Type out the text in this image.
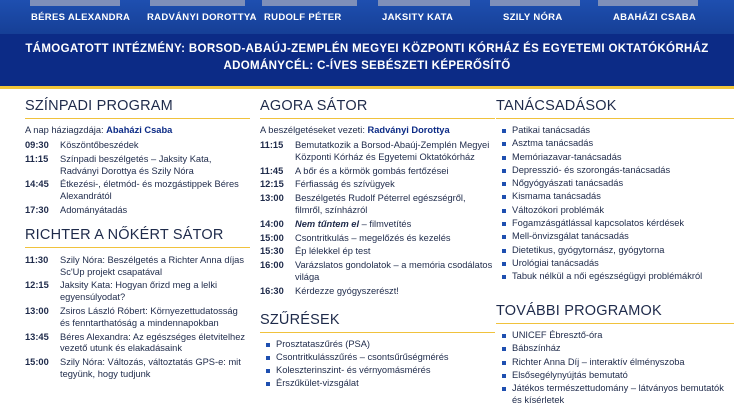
BÉRES ALEXANDRA RADVÁNYI DOROTTYA RUDOLF PÉTER	JAKSITY KATA	SZILY NÓRA	ABAHÁZI CSABA
TÁMOGATOTT INTÉZMÉNY: BORSOD-ABAÚJ-ZEMPLÉN MEGYEI KÖZPONTI KÓRHÁZ ÉS EGYETEMI OKTATÓKÓRHÁZ
ADOMÁNYCÉL: C-ÍVES SEBÉSZETI KÉPERŐSÍTŐ
SZÍNPADI PROGRAM
A nap háziagzdája: Abaházi Csaba
09:30	Köszöntőbeszédek
11:15	Színpadi beszélgetés – Jaksity Kata, Radványi Dorottya és Szily Nóra
14:45	Étkezési-, életmód- és mozgástippek Béres Alexandrától
17:30	Adományátadás
RICHTER A NŐKÉRT SÁTOR
11:30	Szily Nóra: Beszélgetés a Richter Anna díjas Sc'Up projekt csapatával
12:15	Jaksity Kata: Hogyan őrizd meg a lelki egyensúlyodat?
13:00	Zsiros László Róbert: Környezettudatosság és fenntarthatóság a mindennapokban
13:45	Béres Alexandra: Az egészséges életvitelhez vezető utunk és elakadásaink
15:00	Szily Nóra: Változás, változtatás GPS-e: mit tegyünk, hogy tudjunk
AGORA SÁTOR
A beszélgetéseket vezeti: Radványi Dorottya
11:15	Bemutatkozik a Borsod-Abaúj-Zemplén Megyei Központi Kórház és Egyetemi Oktatókórház
11:45	A bőr és a körmök gombás fertőzései
12:15	Férfiasság és szívügyek
13:00	Beszélgetés Rudolf Péterrel egészségről, filmről, színházról
14:00	Nem tűntem el – filmvetítés
15:00	Csontritkulás – megelőzés és kezelés
15:30	Ép lélekkel ép test
16:00	Varázslatos gondolatok – a memória csodálatos világa
16:30	Kérdezze gyógyszerészt!
SZŰRÉSEK
Prosztataszűrés (PSA)
Csontritkulásszűrés – csontsűrűségmérés
Koleszterinszint- és vérnyomásmérés
Érszűkület-vizsgálat
TANÁCSADÁSOK
Patikai tanácsadás
Asztma tanácsadás
Memóriazavar-tanácsadás
Depresszió- és szorongás-tanácsadás
Nőgyógyászati tanácsadás
Kismama tanácsadás
Változókori problémák
Fogamzásgátlással kapcsolatos kérdések
Mell-önvizsgálat tanácsadás
Dietetikus, gyógytornász, gyógytorna
Urológiai tanácsadás
Tabuk nélkül a női egészségügyi problémákról
TOVÁBBI PROGRAMOK
UNICEF Ébresztő-óra
Bábszínház
Richter Anna Díj – interaktív élményszoba
Elsősegélynyújtás bemutató
Játékos természettudomány – látványos bemutatók és kísérletek
